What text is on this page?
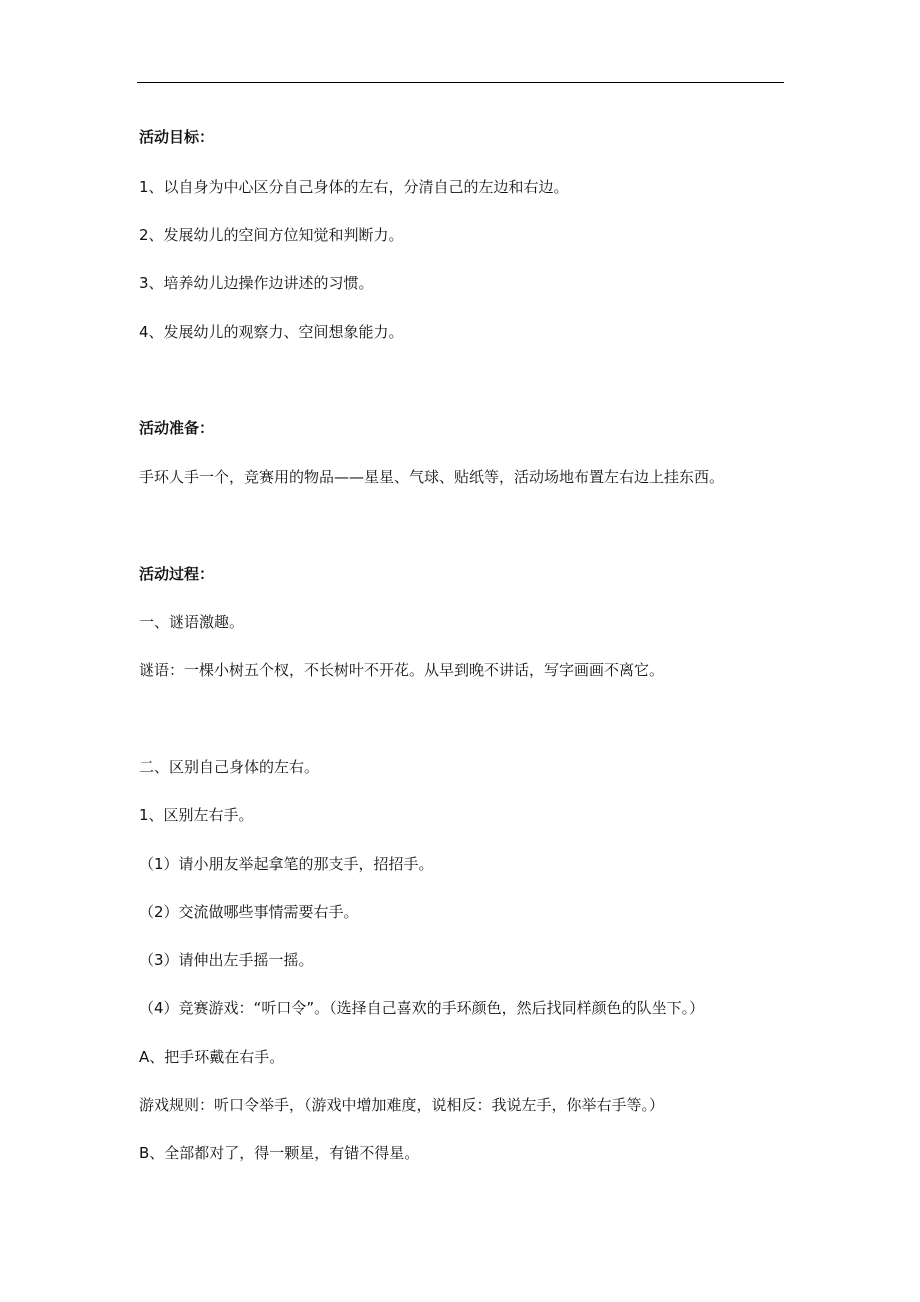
活动目标：
1、以自身为中心区分自己身体的左右，分清自己的左边和右边。
2、发展幼儿的空间方位知觉和判断力。
3、培养幼儿边操作边讲述的习惯。
4、发展幼儿的观察力、空间想象能力。
活动准备：
手环人手一个，竞赛用的物品——星星、气球、贴纸等，活动场地布置左右边上挂东西。
活动过程：
一、谜语激趣。
谜语：一棵小树五个杈，不长树叶不开花。从早到晚不讲话，写字画画不离它。
二、区别自己身体的左右。
1、区别左右手。
（1）请小朋友举起拿笔的那支手，招招手。
（2）交流做哪些事情需要右手。
（3）请伸出左手摇一摇。
（4）竞赛游戏：“听口令”。（选择自己喜欢的手环颜色，然后找同样颜色的队坐下。）
A、把手环戴在右手。
游戏规则：听口令举手，（游戏中增加难度，说相反：我说左手，你举右手等。）
B、全部都对了，得一颗星，有错不得星。
